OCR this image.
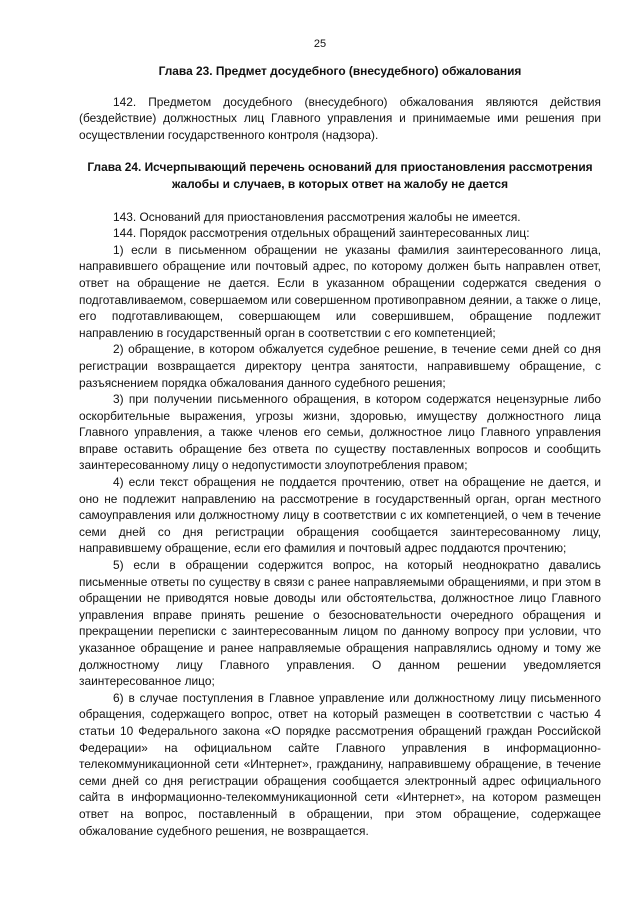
25
Глава 23. Предмет досудебного (внесудебного) обжалования

142. Предметом досудебного (внесудебного) обжалования являются действия (бездействие) должностных лиц Главного управления и принимаемые ими решения при осуществлении государственного контроля (надзора).

Глава 24. Исчерпывающий перечень оснований для приостановления рассмотрения жалобы и случаев, в которых ответ на жалобу не дается

143. Оснований для приостановления рассмотрения жалобы не имеется.

144. Порядок рассмотрения отдельных обращений заинтересованных лиц:

1) если в письменном обращении не указаны фамилия заинтересованного лица, направившего обращение или почтовый адрес, по которому должен быть направлен ответ, ответ на обращение не дается. Если в указанном обращении содержатся сведения о подготавливаемом, совершаемом или совершенном противоправном деянии, а также о лице, его подготавливающем, совершающем или совершившем, обращение подлежит направлению в государственный орган в соответствии с его компетенцией;

2) обращение, в котором обжалуется судебное решение, в течение семи дней со дня регистрации возвращается директору центра занятости, направившему обращение, с разъяснением порядка обжалования данного судебного решения;

3) при получении письменного обращения, в котором содержатся нецензурные либо оскорбительные выражения, угрозы жизни, здоровью, имуществу должностного лица Главного управления, а также членов его семьи, должностное лицо Главного управления вправе оставить обращение без ответа по существу поставленных вопросов и сообщить заинтересованному лицу о недопустимости злоупотребления правом;

4) если текст обращения не поддается прочтению, ответ на обращение не дается, и оно не подлежит направлению на рассмотрение в государственный орган, орган местного самоуправления или должностному лицу в соответствии с их компетенцией, о чем в течение семи дней со дня регистрации обращения сообщается заинтересованному лицу, направившему обращение, если его фамилия и почтовый адрес поддаются прочтению;

5) если в обращении содержится вопрос, на который неоднократно давались письменные ответы по существу в связи с ранее направляемыми обращениями, и при этом в обращении не приводятся новые доводы или обстоятельства, должностное лицо Главного управления вправе принять решение о безосновательности очередного обращения и прекращении переписки с заинтересованным лицом по данному вопросу при условии, что указанное обращение и ранее направляемые обращения направлялись одному и тому же должностному лицу Главного управления. О данном решении уведомляется заинтересованное лицо;

6) в случае поступления в Главное управление или должностному лицу письменного обращения, содержащего вопрос, ответ на который размещен в соответствии с частью 4 статьи 10 Федерального закона «О порядке рассмотрения обращений граждан Российской Федерации» на официальном сайте Главного управления в информационно-телекоммуникационной сети «Интернет», гражданину, направившему обращение, в течение семи дней со дня регистрации обращения сообщается электронный адрес официального сайта в информационно-телекоммуникационной сети «Интернет», на котором размещен ответ на вопрос, поставленный в обращении, при этом обращение, содержащее обжалование судебного решения, не возвращается.
